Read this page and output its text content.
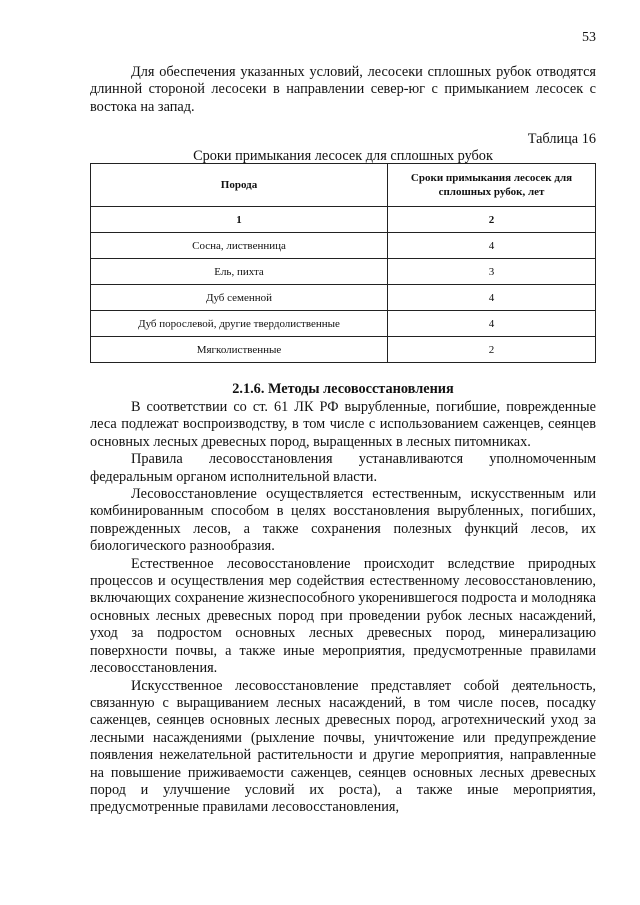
53

Для обеспечения указанных условий, лесосеки сплошных рубок отводятся длинной стороной лесосеки в направлении север-юг с примыканием лесосек с востока на запад.

Таблица 16
Сроки примыкания лесосек для сплошных рубок
Порода	Сроки примыкания лесосек для сплошных рубок, лет
1	2
Сосна, лиственница	4
Ель, пихта	3
Дуб семенной	4
Дуб порослевой, другие твердолиственные	4
Мягколиственные	2
2.1.6. Методы лесовосстановления

В соответствии со ст. 61 ЛК РФ вырубленные, погибшие, поврежденные леса подлежат воспроизводству, в том числе с использованием саженцев, сеянцев основных лесных древесных пород, выращенных в лесных питомниках.

Правила лесовосстановления устанавливаются уполномоченным федеральным органом исполнительной власти.

Лесовосстановление осуществляется естественным, искусственным или комбинированным способом в целях восстановления вырубленных, погибших, поврежденных лесов, а также сохранения полезных функций лесов, их биологического разнообразия.

Естественное лесовосстановление происходит вследствие природных процессов и осуществления мер содействия естественному лесовосстановлению, включающих сохранение жизнеспособного укоренившегося подроста и молодняка основных лесных древесных пород при проведении рубок лесных насаждений, уход за подростом основных лесных древесных пород, минерализацию поверхности почвы, а также иные мероприятия, предусмотренные правилами лесовосстановления.

Искусственное лесовосстановление представляет собой деятельность, связанную с выращиванием лесных насаждений, в том числе посев, посадку саженцев, сеянцев основных лесных древесных пород, агротехнический уход за лесными насаждениями (рыхление почвы, уничтожение или предупреждение появления нежелательной растительности и другие мероприятия, направленные на повышение приживаемости саженцев, сеянцев основных лесных древесных пород и улучшение условий их роста), а также иные мероприятия, предусмотренные правилами лесовосстановления,
